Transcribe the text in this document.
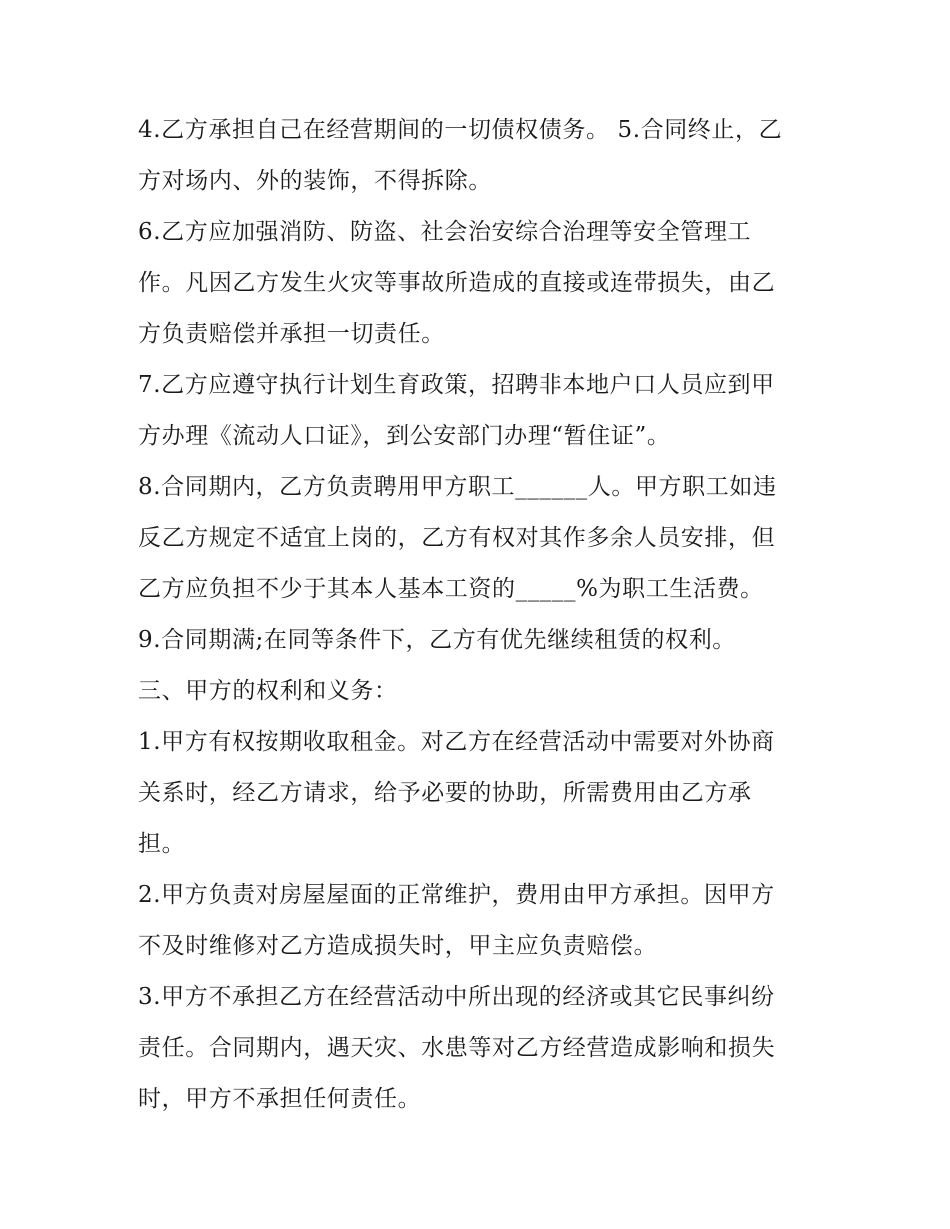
4.乙方承担自己在经营期间的一切债权债务。 5.合同终止，乙
方对场内、外的装饰，不得拆除。
6.乙方应加强消防、防盗、社会治安综合治理等安全管理工
作。凡因乙方发生火灾等事故所造成的直接或连带损失，由乙
方负责赔偿并承担一切责任。
7.乙方应遵守执行计划生育政策，招聘非本地户口人员应到甲
方办理《流动人口证》，到公安部门办理“暂住证”。
8.合同期内，乙方负责聘用甲方职工______人。甲方职工如违
反乙方规定不适宜上岗的，乙方有权对其作多余人员安排，但
乙方应负担不少于其本人基本工资的_____%为职工生活费。
9.合同期满;在同等条件下，乙方有优先继续租赁的权利。
三、甲方的权利和义务：
1.甲方有权按期收取租金。对乙方在经营活动中需要对外协商
关系时，经乙方请求，给予必要的协助，所需费用由乙方承
担。
2.甲方负责对房屋屋面的正常维护，费用由甲方承担。因甲方
不及时维修对乙方造成损失时，甲主应负责赔偿。
3.甲方不承担乙方在经营活动中所出现的经济或其它民事纠纷
责任。合同期内，遇天灾、水患等对乙方经营造成影响和损失
时，甲方不承担任何责任。
